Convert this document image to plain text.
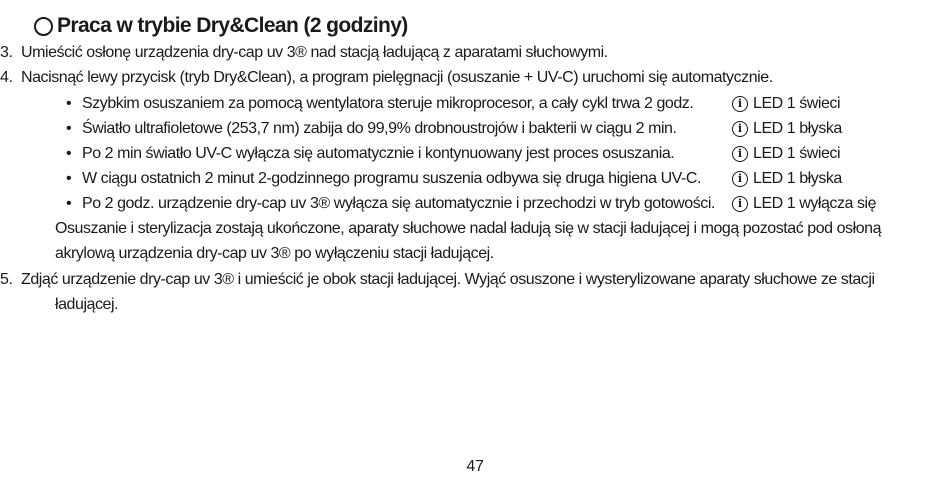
Praca w trybie Dry&Clean (2 godziny)
3. Umieścić osłonę urządzenia dry-cap uv 3® nad stacją ładującą z aparatami słuchowymi.
4. Nacisnąć lewy przycisk (tryb Dry&Clean), a program pielęgnacji (osuszanie + UV-C) uruchomi się automatycznie.
• Szybkim osuszaniem za pomocą wentylatora steruje mikroprocesor, a cały cykl trwa 2 godz.	i LED 1 świeci
• Światło ultrafioletowe (253,7 nm) zabija do 99,9% drobnoustrojów i bakterii w ciągu 2 min.	i LED 1 błyska
• Po 2 min światło UV-C wyłącza się automatycznie i kontynuowany jest proces osuszania.	i LED 1 świeci
• W ciągu ostatnich 2 minut 2-godzinnego programu suszenia odbywa się druga higiena UV-C.	i LED 1 błyska
• Po 2 godz. urządzenie dry-cap uv 3® wyłącza się automatycznie i przechodzi w tryb gotowości.	i LED 1 wyłącza się
Osuszanie i sterylizacja zostają ukończone, aparaty słuchowe nadal ładują się w stacji ładującej i mogą pozostać pod osłoną
akrylową urządzenia dry-cap uv 3® po wyłączeniu stacji ładującej.
5. Zdjąć urządzenie dry-cap uv 3® i umieścić je obok stacji ładującej. Wyjąć osuszone i wysterylizowane aparaty słuchowe ze stacji
ładującej.
47
